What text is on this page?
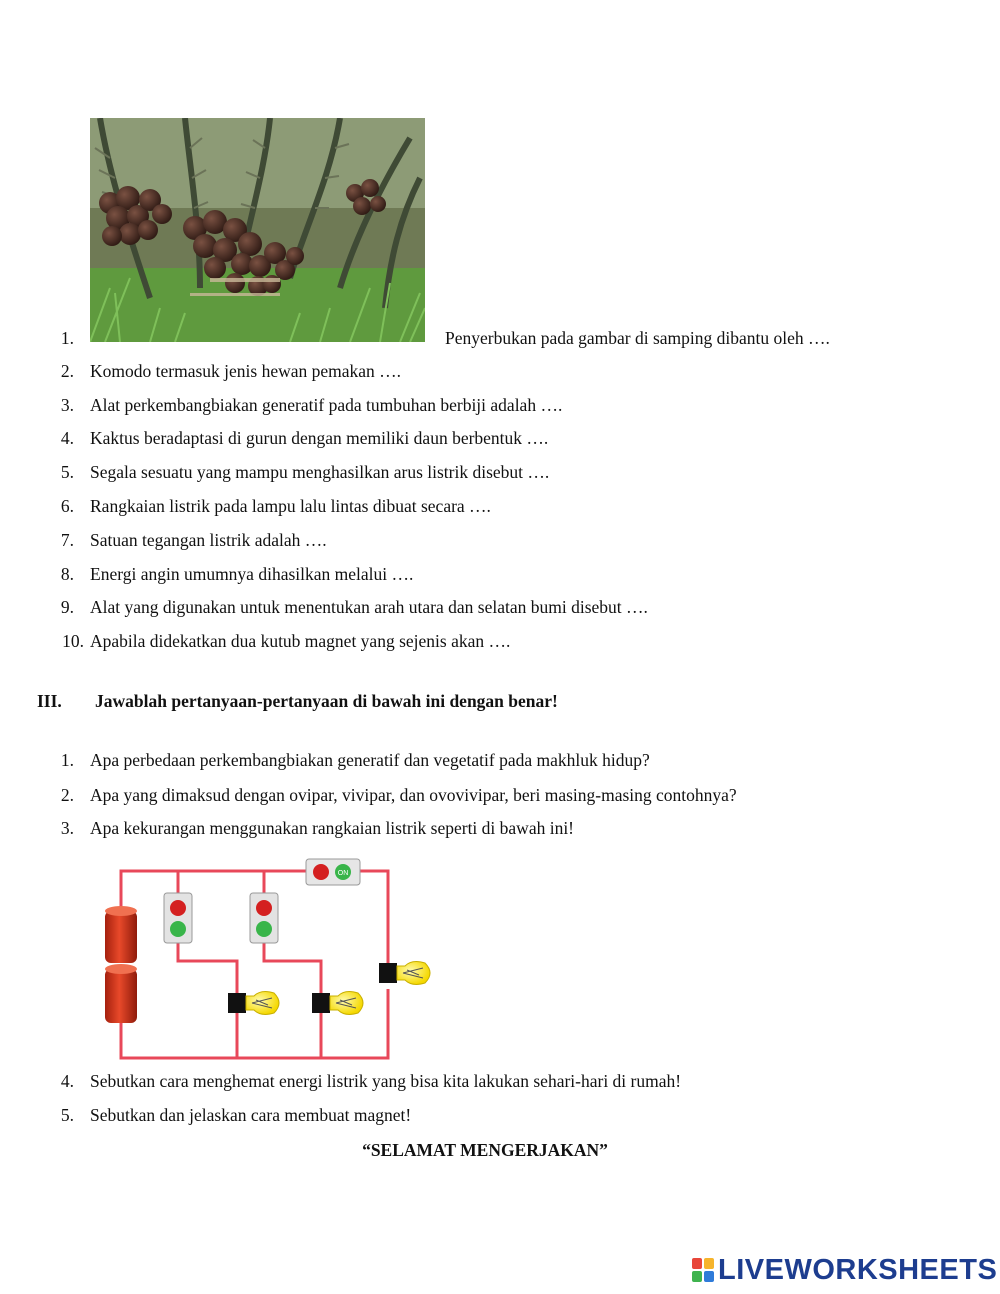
1.	Penyerbukan pada gambar di samping dibantu oleh ….
2. Komodo termasuk jenis hewan pemakan ….
3. Alat perkembangbiakan generatif pada tumbuhan berbiji adalah ….
4. Kaktus beradaptasi di gurun dengan memiliki daun berbentuk ….
5. Segala sesuatu yang mampu menghasilkan arus listrik disebut ….
6. Rangkaian listrik pada lampu lalu lintas dibuat secara ….
7. Satuan tegangan listrik adalah ….
8. Energi angin umumnya dihasilkan melalui ….
9. Alat yang digunakan untuk menentukan arah utara dan selatan bumi disebut ….
10. Apabila didekatkan dua kutub magnet yang sejenis akan ….
III. Jawablah pertanyaan-pertanyaan di bawah ini dengan benar!
1. Apa perbedaan perkembangbiakan generatif dan vegetatif pada makhluk hidup?
2. Apa yang dimaksud dengan ovipar, vivipar, dan ovovivipar, beri masing-masing contohnya?
3. Apa kekurangan menggunakan rangkaian listrik seperti di bawah ini!
ON
4. Sebutkan cara menghemat energi listrik yang bisa kita lakukan sehari-hari di rumah!
5. Sebutkan dan jelaskan cara membuat magnet!
“SELAMAT MENGERJAKAN”
LIVEWORKSHEETS
